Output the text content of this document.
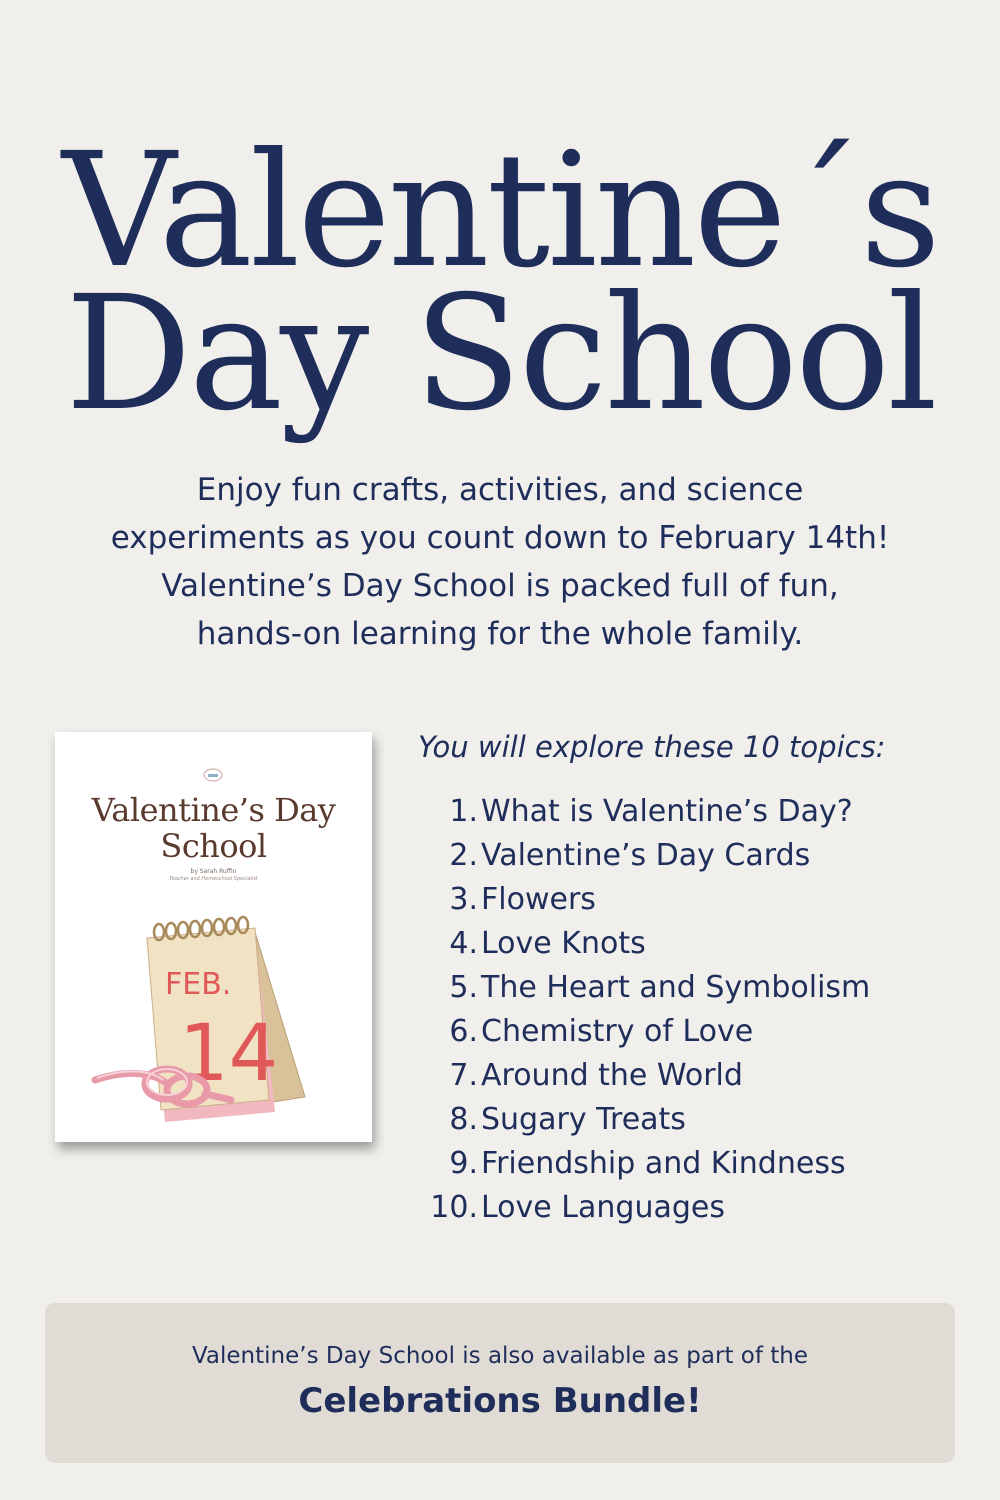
Valentine´s
Day School
Enjoy fun crafts, activities, and science
experiments as you count down to February 14th!
Valentine’s Day School is packed full of fun,
hands-on learning for the whole family.
Valentine’s Day
School
by Sarah Ruffin
Teacher and Homeschool Specialist
FEB.
14
You will explore these 10 topics:
1. What is Valentine’s Day?
2. Valentine’s Day Cards
3. Flowers
4. Love Knots
5. The Heart and Symbolism
6. Chemistry of Love
7. Around the World
8. Sugary Treats
9. Friendship and Kindness
10. Love Languages
Valentine’s Day School is also available as part of the
Celebrations Bundle!
